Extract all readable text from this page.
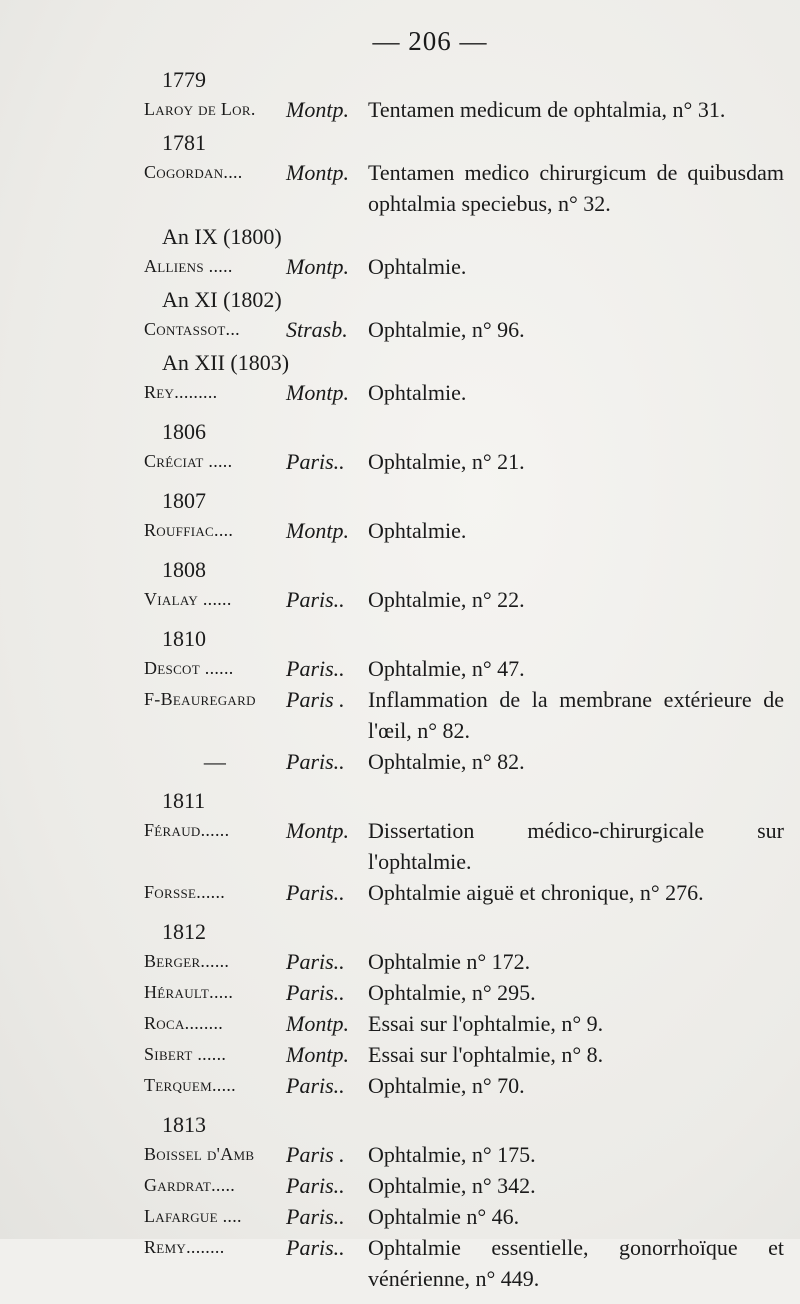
— 206 —
1779
Laroy de Lor.	Montp. Tentamen medicum de ophtalmia, n° 31.
1781
Cogordan....	Montp. Tentamen medico chirurgicum de quibusdam ophtalmia speciebus, n° 32.
An IX (1800)
Alliens .....	Montp. Ophtalmie.
An XI (1802)
Contassot...	Strasb. Ophtalmie, n° 96.
An XII (1803)
Rey.........	Montp. Ophtalmie.
1806
Créciat .....	Paris..	Ophtalmie, n° 21.
1807
Rouffiac....	Montp. Ophtalmie.
1808
Vialay ......	Paris..	Ophtalmie, n° 22.
1810
Descot ......	Paris..	Ophtalmie, n° 47.
F-Beauregard	Paris .	Inflammation de la membrane extérieure de l'œil, n° 82.
—	Paris..	Ophtalmie, n° 82.
1811
Féraud......	Montp. Dissertation médico-chirurgicale sur l'ophtalmie.
Forsse......	Paris..	Ophtalmie aiguë et chronique, n° 276.
1812
Berger......	Paris..	Ophtalmie n° 172.
Hérault.....	Paris..	Ophtalmie, n° 295.
Roca........	Montp. Essai sur l'ophtalmie, n° 9.
Sibert ......	Montp. Essai sur l'ophtalmie, n° 8.
Terquem.....	Paris..	Ophtalmie, n° 70.
1813
Boissel d'Amb	Paris .	Ophtalmie, n° 175.
Gardrat.....	Paris..	Ophtalmie, n° 342.
Lafargue ....	Paris..	Ophtalmie n° 46.
Remy........	Paris..	Ophtalmie essentielle, gonorrhoïque et vénérienne, n° 449.
